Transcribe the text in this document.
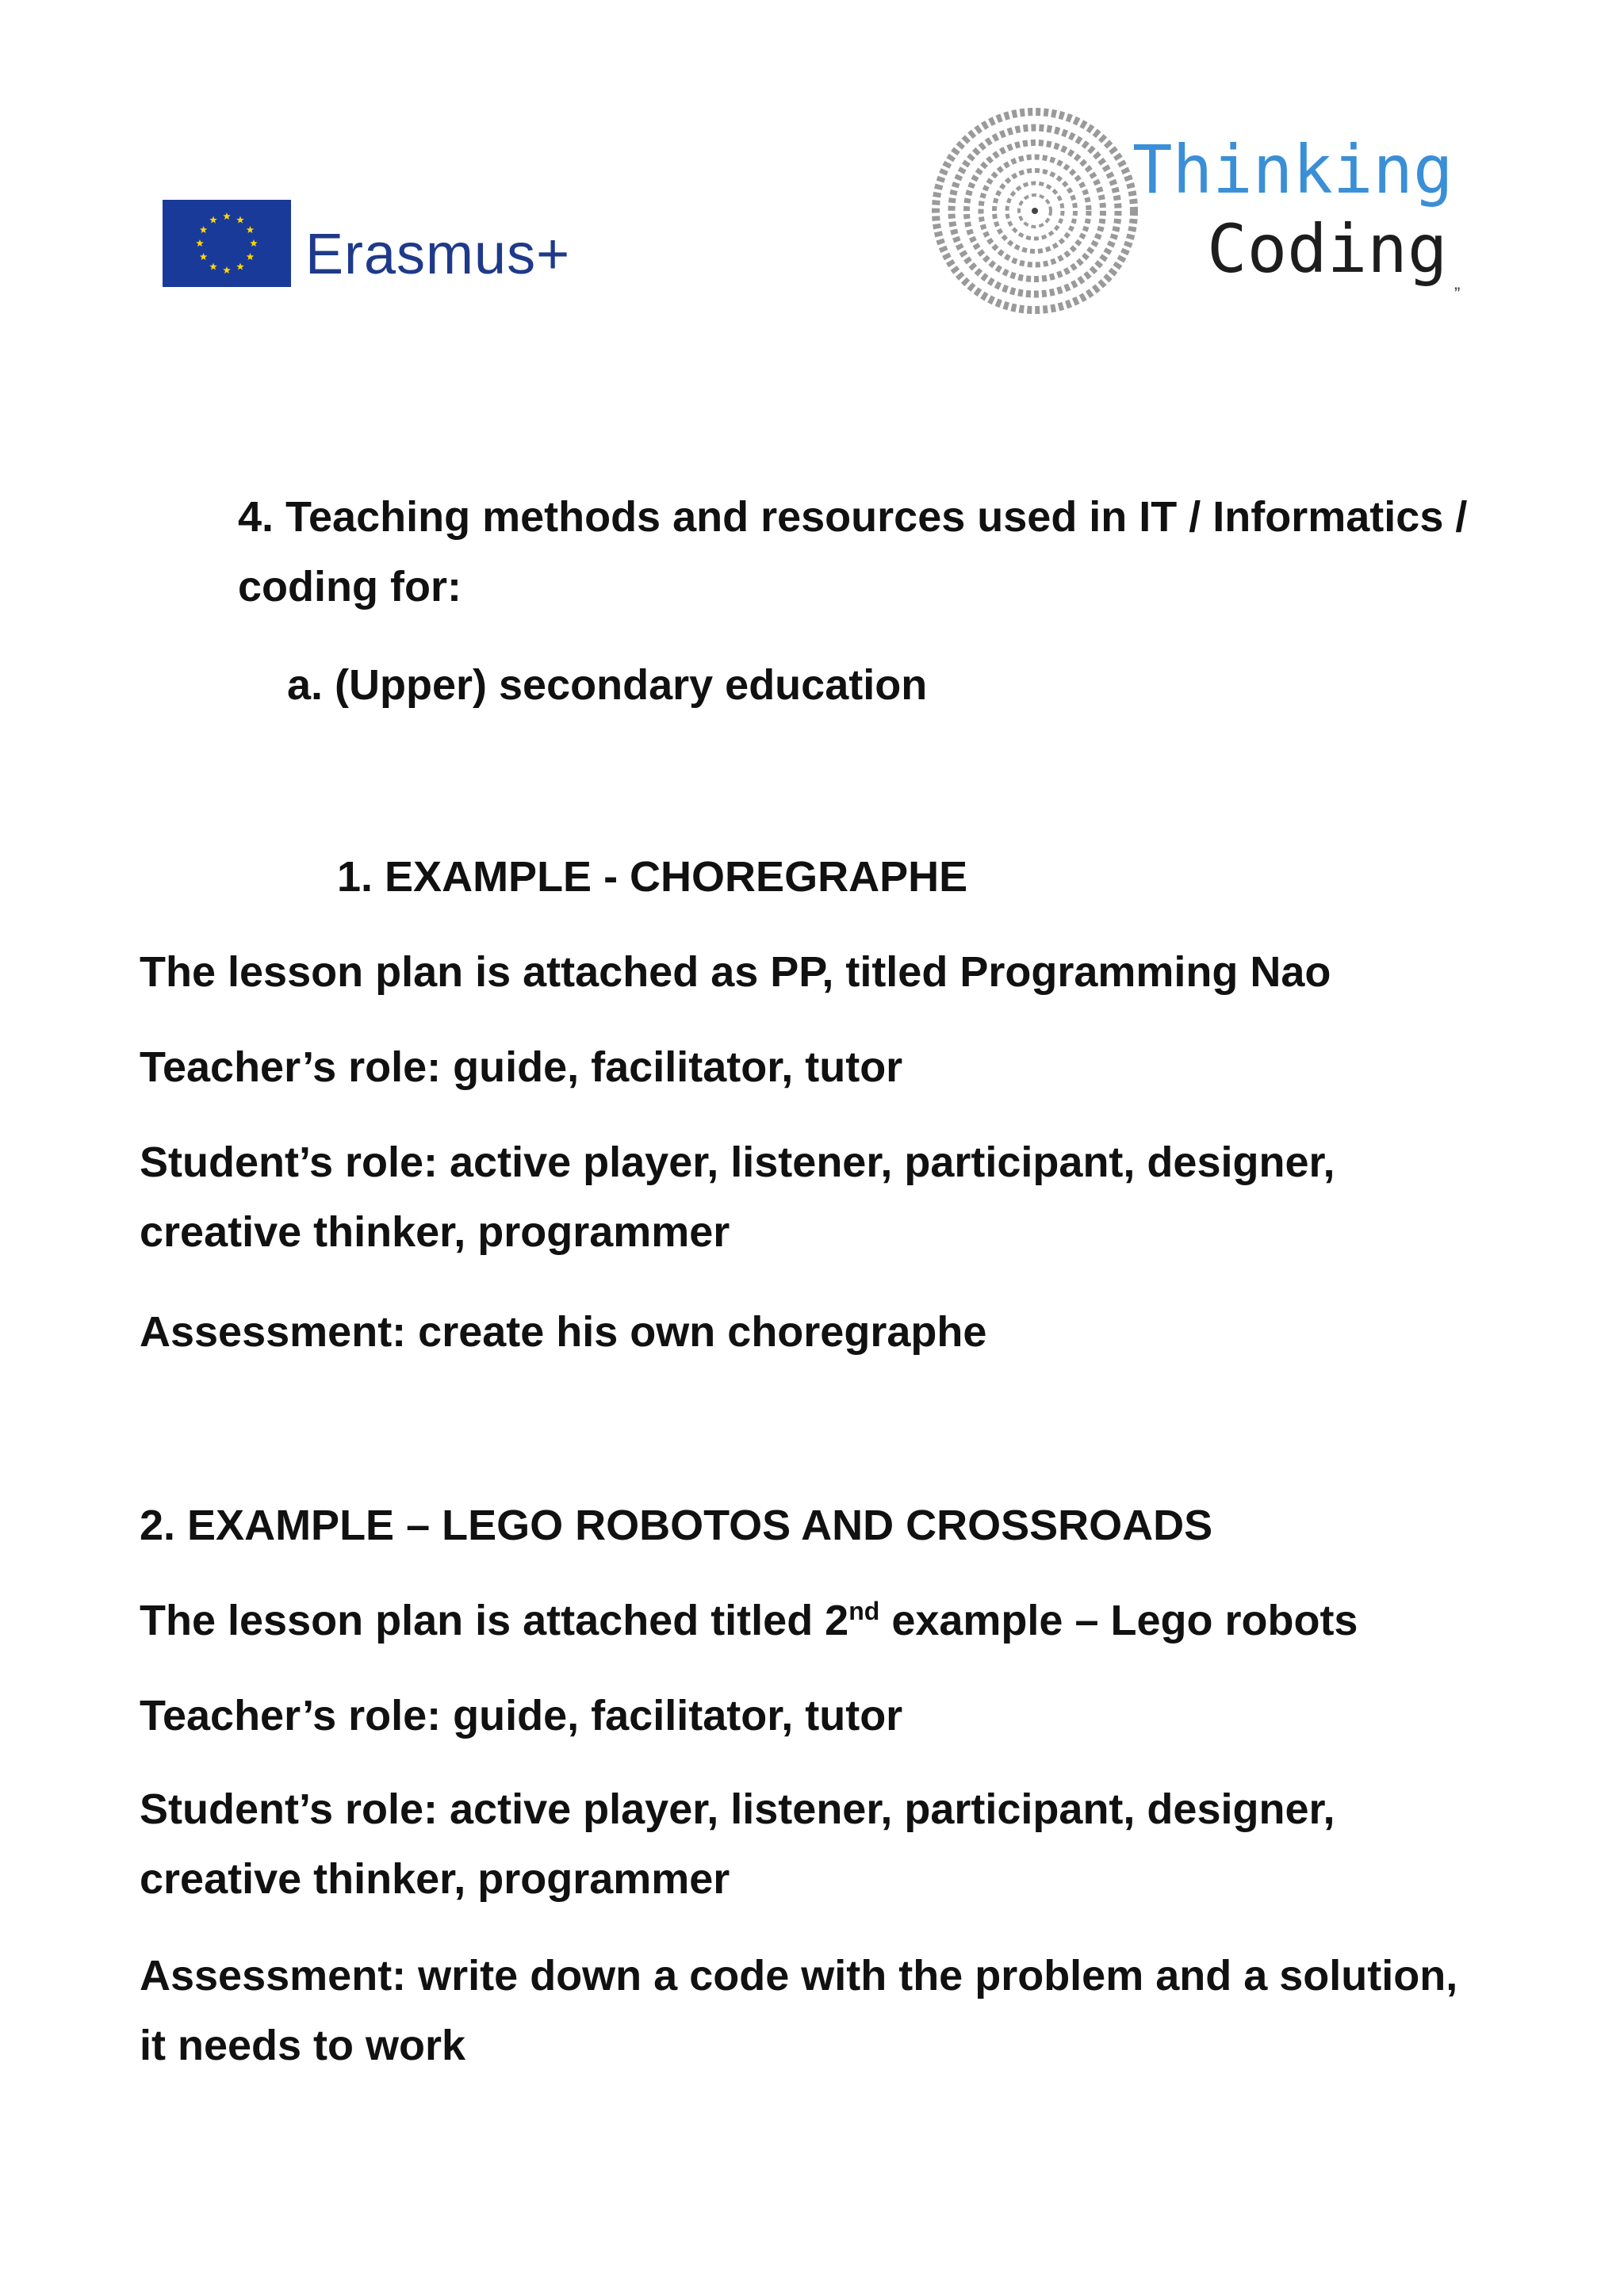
Erasmus+
Thinking
Coding
”
4. Teaching methods and resources used in IT / Informatics /
coding for:
a. (Upper) secondary education
1. EXAMPLE - CHOREGRAPHE
The lesson plan is attached as PP, titled Programming Nao
Teacher’s role: guide, facilitator, tutor
Student’s role: active player, listener, participant, designer,
creative thinker, programmer
Assessment: create his own choregraphe
2. EXAMPLE – LEGO ROBOTOS AND CROSSROADS
The lesson plan is attached titled 2nd example – Lego robots
Teacher’s role: guide, facilitator, tutor
Student’s role: active player, listener, participant, designer,
creative thinker, programmer
Assessment: write down a code with the problem and a solution,
it needs to work
